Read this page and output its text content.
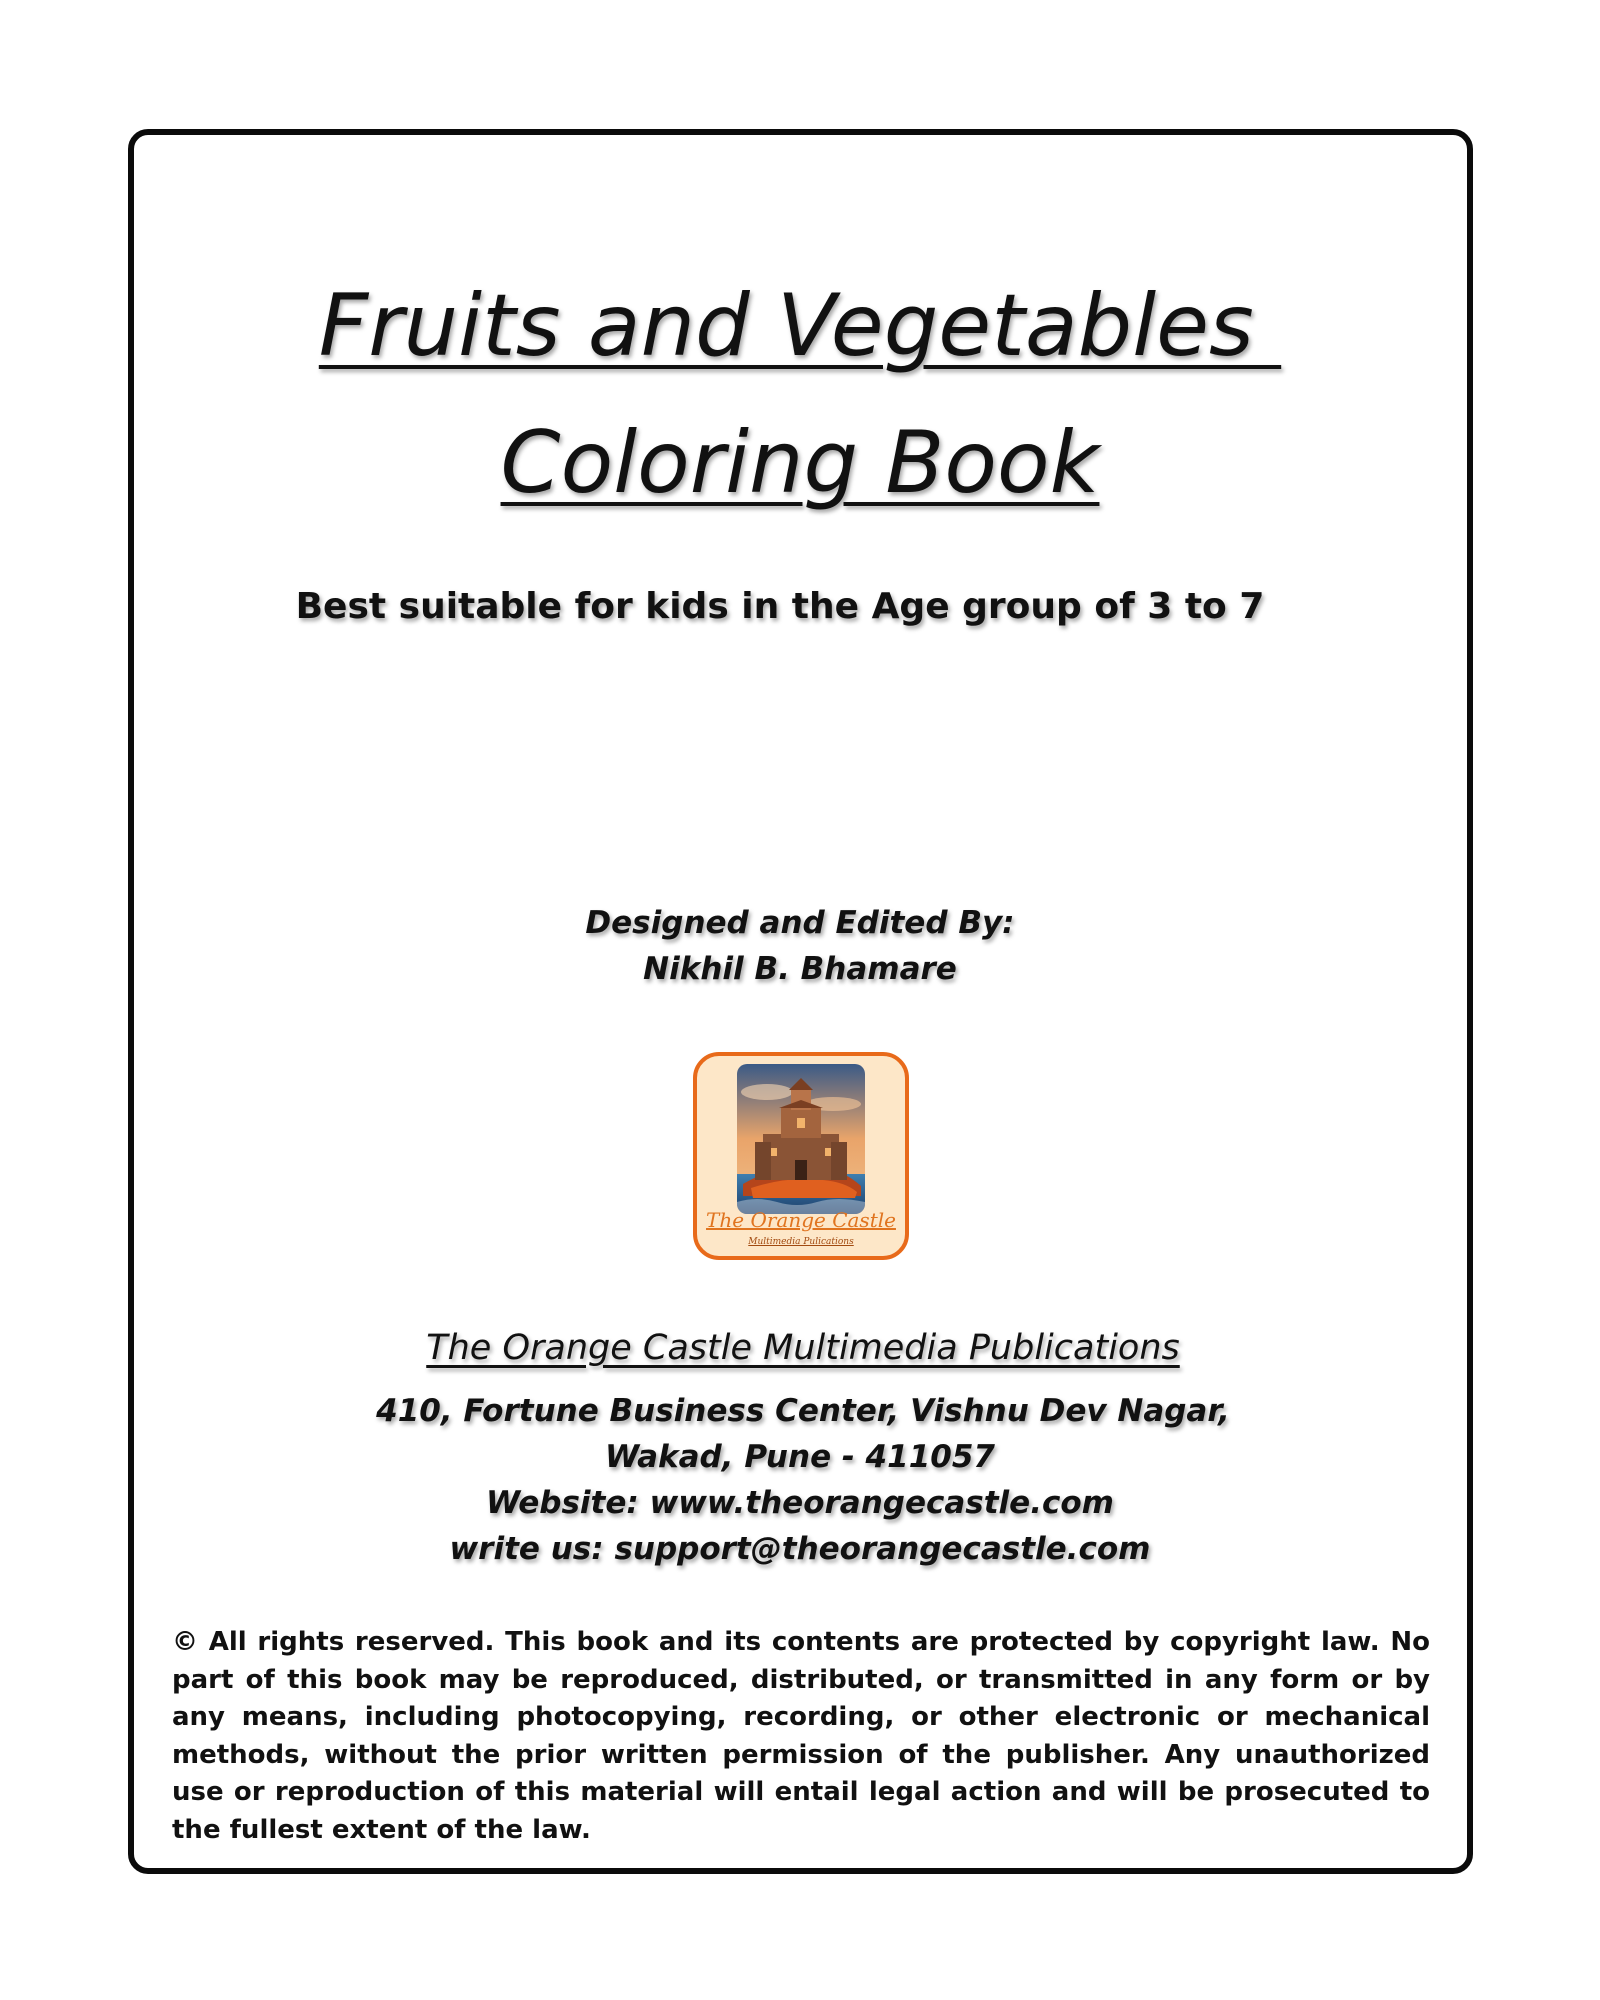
Fruits and Vegetables
Coloring Book
Best suitable for kids in the Age group of 3 to 7
Designed and Edited By:
Nikhil B. Bhamare
The Orange Castle
Multimedia Pulications
The Orange Castle Multimedia Publications
410, Fortune Business Center, Vishnu Dev Nagar,
Wakad, Pune - 411057
Website: www.theorangecastle.com
write us: support@theorangecastle.com
© All rights reserved. This book and its contents are protected by copyright law. No part of this book may be reproduced, distributed, or transmitted in any form or by any means, including photocopying, recording, or other electronic or mechanical methods, without the prior written permission of the publisher. Any unauthorized use or reproduction of this material will entail legal action and will be prosecuted to the fullest extent of the law.
